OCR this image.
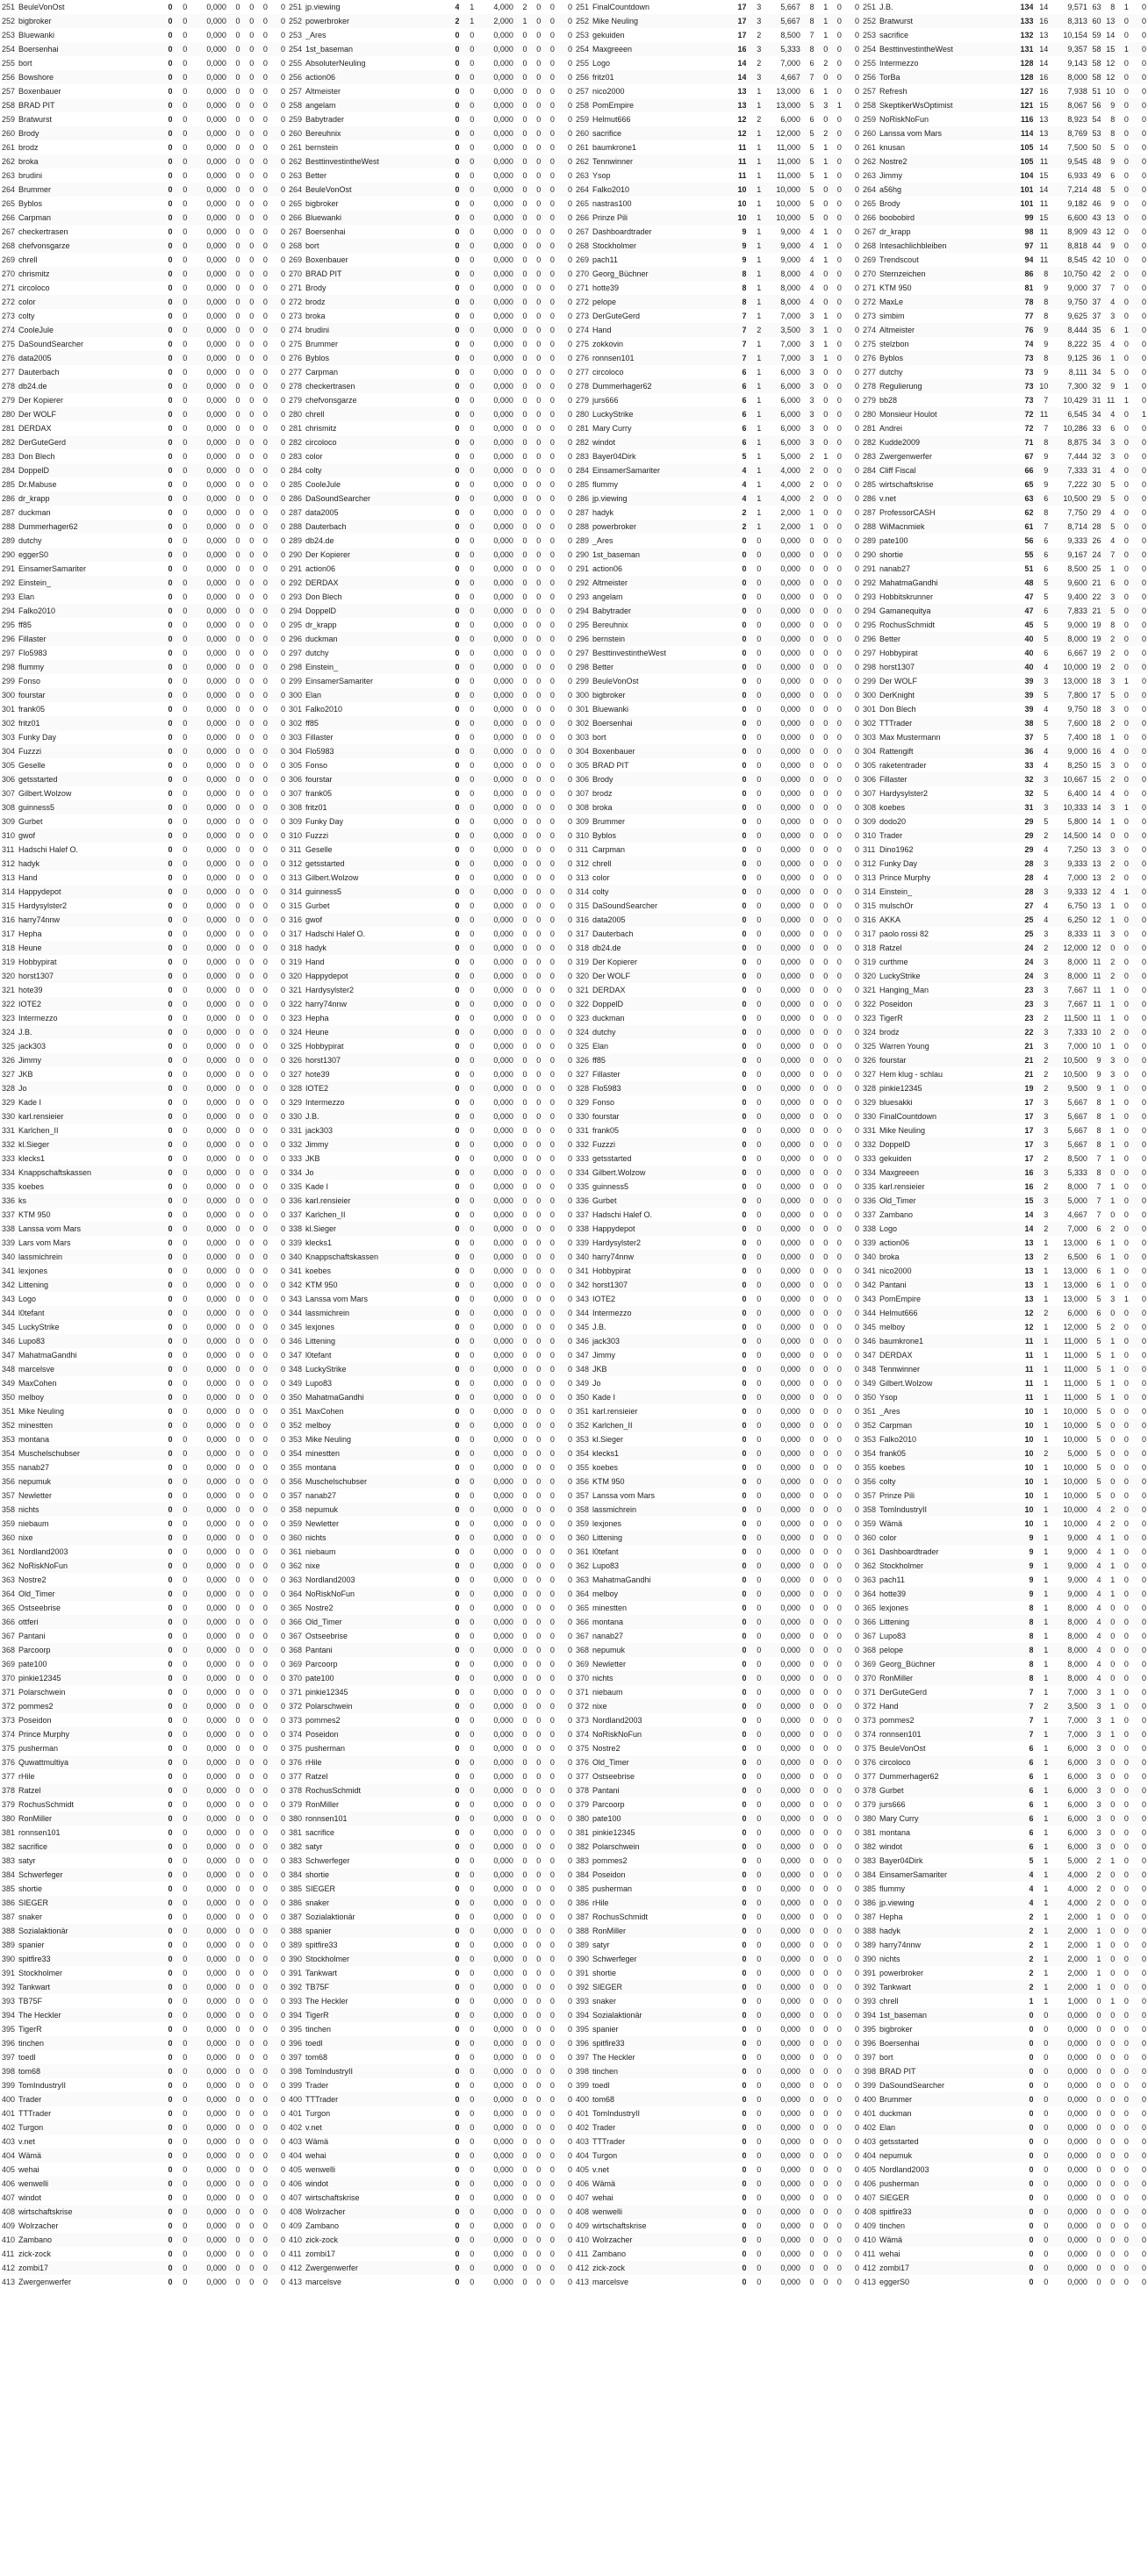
251	BeuleVonOst	0	0	0,000	0	0	0	0
252	bigbroker	0	0	0,000	0	0	0	0
253	Bluewanki	0	0	0,000	0	0	0	0
254	Boersenhai	0	0	0,000	0	0	0	0
255	bort	0	0	0,000	0	0	0	0
256	Bowshore	0	0	0,000	0	0	0	0
257	Boxenbauer	0	0	0,000	0	0	0	0
258	BRAD PIT	0	0	0,000	0	0	0	0
259	Bratwurst	0	0	0,000	0	0	0	0
260	Brody	0	0	0,000	0	0	0	0
261	brodz	0	0	0,000	0	0	0	0
262	broka	0	0	0,000	0	0	0	0
263	brudini	0	0	0,000	0	0	0	0
264	Brummer	0	0	0,000	0	0	0	0
265	Byblos	0	0	0,000	0	0	0	0
266	Carpman	0	0	0,000	0	0	0	0
267	checkertrasen	0	0	0,000	0	0	0	0
268	chefvonsgarze	0	0	0,000	0	0	0	0
269	chrell	0	0	0,000	0	0	0	0
270	chrismitz	0	0	0,000	0	0	0	0
271	circoloco	0	0	0,000	0	0	0	0
272	color	0	0	0,000	0	0	0	0
273	colty	0	0	0,000	0	0	0	0
274	CooleJule	0	0	0,000	0	0	0	0
275	DaSoundSearcher	0	0	0,000	0	0	0	0
276	data2005	0	0	0,000	0	0	0	0
277	Dauterbach	0	0	0,000	0	0	0	0
278	db24.de	0	0	0,000	0	0	0	0
279	Der Kopierer	0	0	0,000	0	0	0	0
280	Der WOLF	0	0	0,000	0	0	0	0
281	DERDAX	0	0	0,000	0	0	0	0
282	DerGuteGerd	0	0	0,000	0	0	0	0
283	Don Blech	0	0	0,000	0	0	0	0
284	DoppelD	0	0	0,000	0	0	0	0
285	Dr.Mabuse	0	0	0,000	0	0	0	0
286	dr_krapp	0	0	0,000	0	0	0	0
287	duckman	0	0	0,000	0	0	0	0
288	Dummerhager62	0	0	0,000	0	0	0	0
289	dutchy	0	0	0,000	0	0	0	0
290	eggerS0	0	0	0,000	0	0	0	0
291	EinsamerSamariter	0	0	0,000	0	0	0	0
292	Einstein_	0	0	0,000	0	0	0	0
293	Elan	0	0	0,000	0	0	0	0
294	Falko2010	0	0	0,000	0	0	0	0
295	ff85	0	0	0,000	0	0	0	0
296	Fillaster	0	0	0,000	0	0	0	0
297	Flo5983	0	0	0,000	0	0	0	0
298	flummy	0	0	0,000	0	0	0	0
299	Fonso	0	0	0,000	0	0	0	0
300	fourstar	0	0	0,000	0	0	0	0
301	frank05	0	0	0,000	0	0	0	0
302	fritz01	0	0	0,000	0	0	0	0
303	Funky Day	0	0	0,000	0	0	0	0
304	Fuzzzi	0	0	0,000	0	0	0	0
305	Geselle	0	0	0,000	0	0	0	0
306	getsstarted	0	0	0,000	0	0	0	0
307	Gilbert.Wolzow	0	0	0,000	0	0	0	0
308	guinness5	0	0	0,000	0	0	0	0
309	Gurbet	0	0	0,000	0	0	0	0
310	gwof	0	0	0,000	0	0	0	0
311	Hadschi Halef O.	0	0	0,000	0	0	0	0
312	hadyk	0	0	0,000	0	0	0	0
313	Hand	0	0	0,000	0	0	0	0
314	Happydepot	0	0	0,000	0	0	0	0
315	Hardysylster2	0	0	0,000	0	0	0	0
316	harry74nnw	0	0	0,000	0	0	0	0
317	Hepha	0	0	0,000	0	0	0	0
318	Heune	0	0	0,000	0	0	0	0
319	Hobbypirat	0	0	0,000	0	0	0	0
320	horst1307	0	0	0,000	0	0	0	0
321	hote39	0	0	0,000	0	0	0	0
322	IOTE2	0	0	0,000	0	0	0	0
323	Intermezzo	0	0	0,000	0	0	0	0
324	J.B.	0	0	0,000	0	0	0	0
325	jack303	0	0	0,000	0	0	0	0
326	Jimmy	0	0	0,000	0	0	0	0
327	JKB	0	0	0,000	0	0	0	0
328	Jo	0	0	0,000	0	0	0	0
329	Kade I	0	0	0,000	0	0	0	0
330	karl.rensieier	0	0	0,000	0	0	0	0
331	Karlchen_II	0	0	0,000	0	0	0	0
332	kl.Sieger	0	0	0,000	0	0	0	0
333	klecks1	0	0	0,000	0	0	0	0
334	Knappschaftskassen	0	0	0,000	0	0	0	0
335	koebes	0	0	0,000	0	0	0	0
336	ks	0	0	0,000	0	0	0	0
337	KTM 950	0	0	0,000	0	0	0	0
338	Lanssa vom Mars	0	0	0,000	0	0	0	0
339	Lars vom Mars	0	0	0,000	0	0	0	0
340	lassmichrein	0	0	0,000	0	0	0	0
341	lexjones	0	0	0,000	0	0	0	0
342	Littening	0	0	0,000	0	0	0	0
343	Logo	0	0	0,000	0	0	0	0
344	l0tefant	0	0	0,000	0	0	0	0
345	LuckyStrike	0	0	0,000	0	0	0	0
346	Lupo83	0	0	0,000	0	0	0	0
347	MahatmaGandhi	0	0	0,000	0	0	0	0
348	marcelsve	0	0	0,000	0	0	0	0
349	MaxCohen	0	0	0,000	0	0	0	0
350	melboy	0	0	0,000	0	0	0	0
351	Mike Neuling	0	0	0,000	0	0	0	0
352	minestten	0	0	0,000	0	0	0	0
353	montana	0	0	0,000	0	0	0	0
354	Muschelschubser	0	0	0,000	0	0	0	0
355	nanab27	0	0	0,000	0	0	0	0
356	nepumuk	0	0	0,000	0	0	0	0
357	Newletter	0	0	0,000	0	0	0	0
358	nichts	0	0	0,000	0	0	0	0
359	niebaum	0	0	0,000	0	0	0	0
360	nixe	0	0	0,000	0	0	0	0
361	Nordland2003	0	0	0,000	0	0	0	0
362	NoRiskNoFun	0	0	0,000	0	0	0	0
363	Nostre2	0	0	0,000	0	0	0	0
364	Old_Timer	0	0	0,000	0	0	0	0
365	Ostseebrise	0	0	0,000	0	0	0	0
366	ottferi	0	0	0,000	0	0	0	0
367	Pantani	0	0	0,000	0	0	0	0
368	Parcoorp	0	0	0,000	0	0	0	0
369	pate100	0	0	0,000	0	0	0	0
370	pinkie12345	0	0	0,000	0	0	0	0
371	Polarschwein	0	0	0,000	0	0	0	0
372	pommes2	0	0	0,000	0	0	0	0
373	Poseidon	0	0	0,000	0	0	0	0
374	Prince Murphy	0	0	0,000	0	0	0	0
375	pusherman	0	0	0,000	0	0	0	0
376	Quwattmultiya	0	0	0,000	0	0	0	0
377	rHile	0	0	0,000	0	0	0	0
378	Ratzel	0	0	0,000	0	0	0	0
379	RochusSchmidt	0	0	0,000	0	0	0	0
380	RonMiller	0	0	0,000	0	0	0	0
381	ronnsen101	0	0	0,000	0	0	0	0
382	sacrifice	0	0	0,000	0	0	0	0
383	satyr	0	0	0,000	0	0	0	0
384	Schwerfeger	0	0	0,000	0	0	0	0
385	shortie	0	0	0,000	0	0	0	0
386	SIEGER	0	0	0,000	0	0	0	0
387	snaker	0	0	0,000	0	0	0	0
388	Sozialaktionär	0	0	0,000	0	0	0	0
389	spanier	0	0	0,000	0	0	0	0
390	spitfire33	0	0	0,000	0	0	0	0
391	Stockholmer	0	0	0,000	0	0	0	0
392	Tankwart	0	0	0,000	0	0	0	0
393	TB75F	0	0	0,000	0	0	0	0
394	The Heckler	0	0	0,000	0	0	0	0
395	TigerR	0	0	0,000	0	0	0	0
396	tinchen	0	0	0,000	0	0	0	0
397	toedl	0	0	0,000	0	0	0	0
398	tom68	0	0	0,000	0	0	0	0
399	TomIndustryII	0	0	0,000	0	0	0	0
400	Trader	0	0	0,000	0	0	0	0
401	TTTrader	0	0	0,000	0	0	0	0
402	Turgon	0	0	0,000	0	0	0	0
403	v.net	0	0	0,000	0	0	0	0
404	Wämä	0	0	0,000	0	0	0	0
405	wehai	0	0	0,000	0	0	0	0
406	wenwelli	0	0	0,000	0	0	0	0
407	windot	0	0	0,000	0	0	0	0
408	wirtschaftskrise	0	0	0,000	0	0	0	0
409	Wolrzacher	0	0	0,000	0	0	0	0
410	Zambano	0	0	0,000	0	0	0	0
411	zick-zock	0	0	0,000	0	0	0	0
412	zombi17	0	0	0,000	0	0	0	0
413	Zwergenwerfer	0	0	0,000	0	0	0	0
251	jp.viewing	4	1	4,000	2	0	0	0
252	powerbroker	2	1	2,000	1	0	0	0
253	_Ares	0	0	0,000	0	0	0	0
254	1st_baseman	0	0	0,000	0	0	0	0
255	AbsoluterNeuling	0	0	0,000	0	0	0	0
256	action06	0	0	0,000	0	0	0	0
257	Altmeister	0	0	0,000	0	0	0	0
258	angelam	0	0	0,000	0	0	0	0
259	Babytrader	0	0	0,000	0	0	0	0
260	Bereuhnix	0	0	0,000	0	0	0	0
261	bernstein	0	0	0,000	0	0	0	0
262	BesttinvestintheWest	0	0	0,000	0	0	0	0
263	Better	0	0	0,000	0	0	0	0
264	BeuleVonOst	0	0	0,000	0	0	0	0
265	bigbroker	0	0	0,000	0	0	0	0
266	Bluewanki	0	0	0,000	0	0	0	0
267	Boersenhai	0	0	0,000	0	0	0	0
268	bort	0	0	0,000	0	0	0	0
269	Boxenbauer	0	0	0,000	0	0	0	0
270	BRAD PIT	0	0	0,000	0	0	0	0
271	Brody	0	0	0,000	0	0	0	0
272	brodz	0	0	0,000	0	0	0	0
273	broka	0	0	0,000	0	0	0	0
274	brudini	0	0	0,000	0	0	0	0
275	Brummer	0	0	0,000	0	0	0	0
276	Byblos	0	0	0,000	0	0	0	0
277	Carpman	0	0	0,000	0	0	0	0
278	checkertrasen	0	0	0,000	0	0	0	0
279	chefvonsgarze	0	0	0,000	0	0	0	0
280	chrell	0	0	0,000	0	0	0	0
281	chrismitz	0	0	0,000	0	0	0	0
282	circoloco	0	0	0,000	0	0	0	0
283	color	0	0	0,000	0	0	0	0
284	colty	0	0	0,000	0	0	0	0
285	CooleJule	0	0	0,000	0	0	0	0
286	DaSoundSearcher	0	0	0,000	0	0	0	0
287	data2005	0	0	0,000	0	0	0	0
288	Dauterbach	0	0	0,000	0	0	0	0
289	db24.de	0	0	0,000	0	0	0	0
290	Der Kopierer	0	0	0,000	0	0	0	0
291	action06	0	0	0,000	0	0	0	0
292	DERDAX	0	0	0,000	0	0	0	0
293	Don Blech	0	0	0,000	0	0	0	0
294	DoppelD	0	0	0,000	0	0	0	0
295	dr_krapp	0	0	0,000	0	0	0	0
296	duckman	0	0	0,000	0	0	0	0
297	dutchy	0	0	0,000	0	0	0	0
298	Einstein_	0	0	0,000	0	0	0	0
299	EinsamerSamariter	0	0	0,000	0	0	0	0
300	Elan	0	0	0,000	0	0	0	0
301	Falko2010	0	0	0,000	0	0	0	0
302	ff85	0	0	0,000	0	0	0	0
303	Fillaster	0	0	0,000	0	0	0	0
304	Flo5983	0	0	0,000	0	0	0	0
305	Fonso	0	0	0,000	0	0	0	0
306	fourstar	0	0	0,000	0	0	0	0
307	frank05	0	0	0,000	0	0	0	0
308	fritz01	0	0	0,000	0	0	0	0
309	Funky Day	0	0	0,000	0	0	0	0
310	Fuzzzi	0	0	0,000	0	0	0	0
311	Geselle	0	0	0,000	0	0	0	0
312	getsstarted	0	0	0,000	0	0	0	0
313	Gilbert.Wolzow	0	0	0,000	0	0	0	0
314	guinness5	0	0	0,000	0	0	0	0
315	Gurbet	0	0	0,000	0	0	0	0
316	gwof	0	0	0,000	0	0	0	0
317	Hadschi Halef O.	0	0	0,000	0	0	0	0
318	hadyk	0	0	0,000	0	0	0	0
319	Hand	0	0	0,000	0	0	0	0
320	Happydepot	0	0	0,000	0	0	0	0
321	Hardysylster2	0	0	0,000	0	0	0	0
322	harry74nnw	0	0	0,000	0	0	0	0
323	Hepha	0	0	0,000	0	0	0	0
324	Heune	0	0	0,000	0	0	0	0
325	Hobbypirat	0	0	0,000	0	0	0	0
326	horst1307	0	0	0,000	0	0	0	0
327	hote39	0	0	0,000	0	0	0	0
328	IOTE2	0	0	0,000	0	0	0	0
329	Intermezzo	0	0	0,000	0	0	0	0
330	J.B.	0	0	0,000	0	0	0	0
331	jack303	0	0	0,000	0	0	0	0
332	Jimmy	0	0	0,000	0	0	0	0
333	JKB	0	0	0,000	0	0	0	0
334	Jo	0	0	0,000	0	0	0	0
335	Kade I	0	0	0,000	0	0	0	0
336	karl.rensieier	0	0	0,000	0	0	0	0
337	Karlchen_II	0	0	0,000	0	0	0	0
338	kl.Sieger	0	0	0,000	0	0	0	0
339	klecks1	0	0	0,000	0	0	0	0
340	Knappschaftskassen	0	0	0,000	0	0	0	0
341	koebes	0	0	0,000	0	0	0	0
342	KTM 950	0	0	0,000	0	0	0	0
343	Lanssa vom Mars	0	0	0,000	0	0	0	0
344	lassmichrein	0	0	0,000	0	0	0	0
345	lexjones	0	0	0,000	0	0	0	0
346	Littening	0	0	0,000	0	0	0	0
347	l0tefant	0	0	0,000	0	0	0	0
348	LuckyStrike	0	0	0,000	0	0	0	0
349	Lupo83	0	0	0,000	0	0	0	0
350	MahatmaGandhi	0	0	0,000	0	0	0	0
351	MaxCohen	0	0	0,000	0	0	0	0
352	melboy	0	0	0,000	0	0	0	0
353	Mike Neuling	0	0	0,000	0	0	0	0
354	minestten	0	0	0,000	0	0	0	0
355	montana	0	0	0,000	0	0	0	0
356	Muschelschubser	0	0	0,000	0	0	0	0
357	nanab27	0	0	0,000	0	0	0	0
358	nepumuk	0	0	0,000	0	0	0	0
359	Newletter	0	0	0,000	0	0	0	0
360	nichts	0	0	0,000	0	0	0	0
361	niebaum	0	0	0,000	0	0	0	0
362	nixe	0	0	0,000	0	0	0	0
363	Nordland2003	0	0	0,000	0	0	0	0
364	NoRiskNoFun	0	0	0,000	0	0	0	0
365	Nostre2	0	0	0,000	0	0	0	0
366	Old_Timer	0	0	0,000	0	0	0	0
367	Ostseebrise	0	0	0,000	0	0	0	0
368	Pantani	0	0	0,000	0	0	0	0
369	Parcoorp	0	0	0,000	0	0	0	0
370	pate100	0	0	0,000	0	0	0	0
371	pinkie12345	0	0	0,000	0	0	0	0
372	Polarschwein	0	0	0,000	0	0	0	0
373	pommes2	0	0	0,000	0	0	0	0
374	Poseidon	0	0	0,000	0	0	0	0
375	pusherman	0	0	0,000	0	0	0	0
376	rHile	0	0	0,000	0	0	0	0
377	Ratzel	0	0	0,000	0	0	0	0
378	RochusSchmidt	0	0	0,000	0	0	0	0
379	RonMiller	0	0	0,000	0	0	0	0
380	ronnsen101	0	0	0,000	0	0	0	0
381	sacrifice	0	0	0,000	0	0	0	0
382	satyr	0	0	0,000	0	0	0	0
383	Schwerfeger	0	0	0,000	0	0	0	0
384	shortie	0	0	0,000	0	0	0	0
385	SIEGER	0	0	0,000	0	0	0	0
386	snaker	0	0	0,000	0	0	0	0
387	Sozialaktionär	0	0	0,000	0	0	0	0
388	spanier	0	0	0,000	0	0	0	0
389	spitfire33	0	0	0,000	0	0	0	0
390	Stockholmer	0	0	0,000	0	0	0	0
391	Tankwart	0	0	0,000	0	0	0	0
392	TB75F	0	0	0,000	0	0	0	0
393	The Heckler	0	0	0,000	0	0	0	0
394	TigerR	0	0	0,000	0	0	0	0
395	tinchen	0	0	0,000	0	0	0	0
396	toedl	0	0	0,000	0	0	0	0
397	tom68	0	0	0,000	0	0	0	0
398	TomIndustryII	0	0	0,000	0	0	0	0
399	Trader	0	0	0,000	0	0	0	0
400	TTTrader	0	0	0,000	0	0	0	0
401	Turgon	0	0	0,000	0	0	0	0
402	v.net	0	0	0,000	0	0	0	0
403	Wämä	0	0	0,000	0	0	0	0
404	wehai	0	0	0,000	0	0	0	0
405	wenwelli	0	0	0,000	0	0	0	0
406	windot	0	0	0,000	0	0	0	0
407	wirtschaftskrise	0	0	0,000	0	0	0	0
408	Wolrzacher	0	0	0,000	0	0	0	0
409	Zambano	0	0	0,000	0	0	0	0
410	zick-zock	0	0	0,000	0	0	0	0
411	zombi17	0	0	0,000	0	0	0	0
412	Zwergenwerfer	0	0	0,000	0	0	0	0
413	marcelsve	0	0	0,000	0	0	0	0
251	FinalCountdown	17	3	5,667	8	1	0	0
252	Mike Neuling	17	3	5,667	8	1	0	0
253	gekuiden	17	2	8,500	7	1	0	0
254	Maxgreeen	16	3	5,333	8	0	0	0
255	Logo	14	2	7,000	6	2	0	0
256	fritz01	14	3	4,667	7	0	0	0
257	nico2000	13	1	13,000	6	1	0	0
258	PomEmpire	13	1	13,000	5	3	1	0
259	Helmut666	12	2	6,000	6	0	0	0
260	sacrifice	12	1	12,000	5	2	0	0
261	baumkrone1	11	1	11,000	5	1	0	0
262	Tennwinner	11	1	11,000	5	1	0	0
263	Ysop	11	1	11,000	5	1	0	0
264	Falko2010	10	1	10,000	5	0	0	0
265	nastras100	10	1	10,000	5	0	0	0
266	Prinze Pili	10	1	10,000	5	0	0	0
267	Dashboardtrader	9	1	9,000	4	1	0	0
268	Stockholmer	9	1	9,000	4	1	0	0
269	pach11	9	1	9,000	4	1	0	0
270	Georg_Büchner	8	1	8,000	4	0	0	0
271	hotte39	8	1	8,000	4	0	0	0
272	pelope	8	1	8,000	4	0	0	0
273	DerGuteGerd	7	1	7,000	3	1	0	0
274	Hand	7	2	3,500	3	1	0	0
275	zokkovin	7	1	7,000	3	1	0	0
276	ronnsen101	7	1	7,000	3	1	0	0
277	circoloco	6	1	6,000	3	0	0	0
278	Dummerhager62	6	1	6,000	3	0	0	0
279	jurs666	6	1	6,000	3	0	0	0
280	LuckyStrike	6	1	6,000	3	0	0	0
281	Mary Curry	6	1	6,000	3	0	0	0
282	windot	6	1	6,000	3	0	0	0
283	Bayer04Dirk	5	1	5,000	2	1	0	0
284	EinsamerSamariter	4	1	4,000	2	0	0	0
285	flummy	4	1	4,000	2	0	0	0
286	jp.viewing	4	1	4,000	2	0	0	0
287	hadyk	2	1	2,000	1	0	0	0
288	powerbroker	2	1	2,000	1	0	0	0
289	_Ares	0	0	0,000	0	0	0	0
290	1st_baseman	0	0	0,000	0	0	0	0
291	action06	0	0	0,000	0	0	0	0
292	Altmeister	0	0	0,000	0	0	0	0
293	angelam	0	0	0,000	0	0	0	0
294	Babytrader	0	0	0,000	0	0	0	0
295	Bereuhnix	0	0	0,000	0	0	0	0
296	bernstein	0	0	0,000	0	0	0	0
297	BesttinvestintheWest	0	0	0,000	0	0	0	0
298	Better	0	0	0,000	0	0	0	0
299	BeuleVonOst	0	0	0,000	0	0	0	0
300	bigbroker	0	0	0,000	0	0	0	0
301	Bluewanki	0	0	0,000	0	0	0	0
302	Boersenhai	0	0	0,000	0	0	0	0
303	bort	0	0	0,000	0	0	0	0
304	Boxenbauer	0	0	0,000	0	0	0	0
305	BRAD PIT	0	0	0,000	0	0	0	0
306	Brody	0	0	0,000	0	0	0	0
307	brodz	0	0	0,000	0	0	0	0
308	broka	0	0	0,000	0	0	0	0
309	Brummer	0	0	0,000	0	0	0	0
310	Byblos	0	0	0,000	0	0	0	0
311	Carpman	0	0	0,000	0	0	0	0
312	chrell	0	0	0,000	0	0	0	0
313	color	0	0	0,000	0	0	0	0
314	colty	0	0	0,000	0	0	0	0
315	DaSoundSearcher	0	0	0,000	0	0	0	0
316	data2005	0	0	0,000	0	0	0	0
317	Dauterbach	0	0	0,000	0	0	0	0
318	db24.de	0	0	0,000	0	0	0	0
319	Der Kopierer	0	0	0,000	0	0	0	0
320	Der WOLF	0	0	0,000	0	0	0	0
321	DERDAX	0	0	0,000	0	0	0	0
322	DoppelD	0	0	0,000	0	0	0	0
323	duckman	0	0	0,000	0	0	0	0
324	dutchy	0	0	0,000	0	0	0	0
325	Elan	0	0	0,000	0	0	0	0
326	ff85	0	0	0,000	0	0	0	0
327	Fillaster	0	0	0,000	0	0	0	0
328	Flo5983	0	0	0,000	0	0	0	0
329	Fonso	0	0	0,000	0	0	0	0
330	fourstar	0	0	0,000	0	0	0	0
331	frank05	0	0	0,000	0	0	0	0
332	Fuzzzi	0	0	0,000	0	0	0	0
333	getsstarted	0	0	0,000	0	0	0	0
334	Gilbert.Wolzow	0	0	0,000	0	0	0	0
335	guinness5	0	0	0,000	0	0	0	0
336	Gurbet	0	0	0,000	0	0	0	0
337	Hadschi Halef O.	0	0	0,000	0	0	0	0
338	Happydepot	0	0	0,000	0	0	0	0
339	Hardysylster2	0	0	0,000	0	0	0	0
340	harry74nnw	0	0	0,000	0	0	0	0
341	Hobbypirat	0	0	0,000	0	0	0	0
342	horst1307	0	0	0,000	0	0	0	0
343	IOTE2	0	0	0,000	0	0	0	0
344	Intermezzo	0	0	0,000	0	0	0	0
345	J.B.	0	0	0,000	0	0	0	0
346	jack303	0	0	0,000	0	0	0	0
347	Jimmy	0	0	0,000	0	0	0	0
348	JKB	0	0	0,000	0	0	0	0
349	Jo	0	0	0,000	0	0	0	0
350	Kade I	0	0	0,000	0	0	0	0
351	karl.rensieier	0	0	0,000	0	0	0	0
352	Karlchen_II	0	0	0,000	0	0	0	0
353	kl.Sieger	0	0	0,000	0	0	0	0
354	klecks1	0	0	0,000	0	0	0	0
355	koebes	0	0	0,000	0	0	0	0
356	KTM 950	0	0	0,000	0	0	0	0
357	Lanssa vom Mars	0	0	0,000	0	0	0	0
358	lassmichrein	0	0	0,000	0	0	0	0
359	lexjones	0	0	0,000	0	0	0	0
360	Littening	0	0	0,000	0	0	0	0
361	l0tefant	0	0	0,000	0	0	0	0
362	Lupo83	0	0	0,000	0	0	0	0
363	MahatmaGandhi	0	0	0,000	0	0	0	0
364	melboy	0	0	0,000	0	0	0	0
365	minestten	0	0	0,000	0	0	0	0
366	montana	0	0	0,000	0	0	0	0
367	nanab27	0	0	0,000	0	0	0	0
368	nepumuk	0	0	0,000	0	0	0	0
369	Newletter	0	0	0,000	0	0	0	0
370	nichts	0	0	0,000	0	0	0	0
371	niebaum	0	0	0,000	0	0	0	0
372	nixe	0	0	0,000	0	0	0	0
373	Nordland2003	0	0	0,000	0	0	0	0
374	NoRiskNoFun	0	0	0,000	0	0	0	0
375	Nostre2	0	0	0,000	0	0	0	0
376	Old_Timer	0	0	0,000	0	0	0	0
377	Ostseebrise	0	0	0,000	0	0	0	0
378	Pantani	0	0	0,000	0	0	0	0
379	Parcoorp	0	0	0,000	0	0	0	0
380	pate100	0	0	0,000	0	0	0	0
381	pinkie12345	0	0	0,000	0	0	0	0
382	Polarschwein	0	0	0,000	0	0	0	0
383	pommes2	0	0	0,000	0	0	0	0
384	Poseidon	0	0	0,000	0	0	0	0
385	pusherman	0	0	0,000	0	0	0	0
386	rHile	0	0	0,000	0	0	0	0
387	RochusSchmidt	0	0	0,000	0	0	0	0
388	RonMiller	0	0	0,000	0	0	0	0
389	satyr	0	0	0,000	0	0	0	0
390	Schwerfeger	0	0	0,000	0	0	0	0
391	shortie	0	0	0,000	0	0	0	0
392	SIEGER	0	0	0,000	0	0	0	0
393	snaker	0	0	0,000	0	0	0	0
394	Sozialaktionär	0	0	0,000	0	0	0	0
395	spanier	0	0	0,000	0	0	0	0
396	spitfire33	0	0	0,000	0	0	0	0
397	The Heckler	0	0	0,000	0	0	0	0
398	tinchen	0	0	0,000	0	0	0	0
399	toedl	0	0	0,000	0	0	0	0
400	tom68	0	0	0,000	0	0	0	0
401	TomIndustryII	0	0	0,000	0	0	0	0
402	Trader	0	0	0,000	0	0	0	0
403	TTTrader	0	0	0,000	0	0	0	0
404	Turgon	0	0	0,000	0	0	0	0
405	v.net	0	0	0,000	0	0	0	0
406	Wämä	0	0	0,000	0	0	0	0
407	wehai	0	0	0,000	0	0	0	0
408	wenwelli	0	0	0,000	0	0	0	0
409	wirtschaftskrise	0	0	0,000	0	0	0	0
410	Wolrzacher	0	0	0,000	0	0	0	0
411	Zambano	0	0	0,000	0	0	0	0
412	zick-zock	0	0	0,000	0	0	0	0
413	marcelsve	0	0	0,000	0	0	0	0
251	J.B.	134	14	9,571	63	8	1	0
252	Bratwurst	133	16	8,313	60	13	0	0
253	sacrifice	132	13	10,154	59	14	0	0
254	BesttinvestintheWest	131	14	9,357	58	15	1	0
255	Intermezzo	128	14	9,143	58	12	0	0
256	TorBa	128	16	8,000	58	12	0	0
257	Refresh	127	16	7,938	51	10	0	0
258	SkeptikerWsOptimist	121	15	8,067	56	9	0	0
259	NoRiskNoFun	116	13	8,923	54	8	0	0
260	Lanssa vom Mars	114	13	8,769	53	8	0	0
261	knusan	105	14	7,500	50	5	0	0
262	Nostre2	105	11	9,545	48	9	0	0
263	Jimmy	104	15	6,933	49	6	0	0
264	a56hg	101	14	7,214	48	5	0	0
265	Brody	101	11	9,182	46	9	0	0
266	boobobird	99	15	6,600	43	13	0	0
267	dr_krapp	98	11	8,909	43	12	0	0
268	Intesachlichbleiben	97	11	8,818	44	9	0	0
269	Trendscout	94	11	8,545	42	10	0	0
270	Sternzeichen	86	8	10,750	42	2	0	0
271	KTM 950	81	9	9,000	37	7	0	0
272	MaxLe	78	8	9,750	37	4	0	0
273	simbim	77	8	9,625	37	3	0	0
274	Altmeister	76	9	8,444	35	6	1	0
275	stelzbon	74	9	8,222	35	4	0	0
276	Byblos	73	8	9,125	36	1	0	0
277	dutchy	73	9	8,111	34	5	0	0
278	Regulierung	73	10	7,300	32	9	1	0
279	bb28	73	7	10,429	31	11	1	0
280	Monsieur Houlot	72	11	6,545	34	4	0	1
281	Andrei	72	7	10,286	33	6	0	0
282	Kudde2009	71	8	8,875	34	3	0	0
283	Zwergenwerfer	67	9	7,444	32	3	0	0
284	Cliff Fiscal	66	9	7,333	31	4	0	0
285	wirtschaftskrise	65	9	7,222	30	5	0	0
286	v.net	63	6	10,500	29	5	0	0
287	ProfessorCASH	62	8	7,750	29	4	0	0
288	WiMacnmiek	61	7	8,714	28	5	0	0
289	pate100	56	6	9,333	26	4	0	0
290	shortie	55	6	9,167	24	7	0	0
291	nanab27	51	6	8,500	25	1	0	0
292	MahatmaGandhi	48	5	9,600	21	6	0	0
293	Hobbitskrunner	47	5	9,400	22	3	0	0
294	Gamanequitya	47	6	7,833	21	5	0	0
295	RochusSchmidt	45	5	9,000	19	8	0	0
296	Better	40	5	8,000	19	2	0	0
297	Hobbypirat	40	6	6,667	19	2	0	0
298	horst1307	40	4	10,000	19	2	0	0
299	Der WOLF	39	3	13,000	18	3	1	0
300	DerKnight	39	5	7,800	17	5	0	0
301	Don Blech	39	4	9,750	18	3	0	0
302	TTTrader	38	5	7,600	18	2	0	0
303	Max Mustermann	37	5	7,400	18	1	0	0
304	Rattengift	36	4	9,000	16	4	0	0
305	raketentrader	33	4	8,250	15	3	0	0
306	Fillaster	32	3	10,667	15	2	0	0
307	Hardysylster2	32	5	6,400	14	4	0	0
308	koebes	31	3	10,333	14	3	1	0
309	dodo20	29	5	5,800	14	1	0	0
310	Trader	29	2	14,500	14	0	0	0
311	Dino1962	29	4	7,250	13	3	0	0
312	Funky Day	28	3	9,333	13	2	0	0
313	Prince Murphy	28	4	7,000	13	2	0	0
314	Einstein_	28	3	9,333	12	4	1	0
315	mulschOr	27	4	6,750	13	1	0	0
316	AKKA	25	4	6,250	12	1	0	0
317	paolo rossi 82	25	3	8,333	11	3	0	0
318	Ratzel	24	2	12,000	12	0	0	0
319	curthme	24	3	8,000	11	2	0	0
320	LuckyStrike	24	3	8,000	11	2	0	0
321	Hanging_Man	23	3	7,667	11	1	0	0
322	Poseidon	23	3	7,667	11	1	0	0
323	TigerR	23	2	11,500	11	1	0	0
324	brodz	22	3	7,333	10	2	0	0
325	Warren Young	21	3	7,000	10	1	0	0
326	fourstar	21	2	10,500	9	3	0	0
327	Hem klug - schlau	21	2	10,500	9	3	0	0
328	pinkie12345	19	2	9,500	9	1	0	0
329	bluesakki	17	3	5,667	8	1	0	0
330	FinalCountdown	17	3	5,667	8	1	0	0
331	Mike Neuling	17	3	5,667	8	1	0	0
332	DoppelD	17	3	5,667	8	1	0	0
333	gekuiden	17	2	8,500	7	1	0	0
334	Maxgreeen	16	3	5,333	8	0	0	0
335	karl.rensieier	16	2	8,000	7	1	0	0
336	Old_Timer	15	3	5,000	7	1	0	0
337	Zambano	14	3	4,667	7	0	0	0
338	Logo	14	2	7,000	6	2	0	0
339	action06	13	1	13,000	6	1	0	0
340	broka	13	2	6,500	6	1	0	0
341	nico2000	13	1	13,000	6	1	0	0
342	Pantani	13	1	13,000	6	1	0	0
343	PomEmpire	13	1	13,000	5	3	1	0
344	Helmut666	12	2	6,000	6	0	0	0
345	melboy	12	1	12,000	5	2	0	0
346	baumkrone1	11	1	11,000	5	1	0	0
347	DERDAX	11	1	11,000	5	1	0	0
348	Tennwinner	11	1	11,000	5	1	0	0
349	Gilbert.Wolzow	11	1	11,000	5	1	0	0
350	Ysop	11	1	11,000	5	1	0	0
351	_Ares	10	1	10,000	5	0	0	0
352	Carpman	10	1	10,000	5	0	0	0
353	Falko2010	10	1	10,000	5	0	0	0
354	frank05	10	2	5,000	5	0	0	0
355	koebes	10	1	10,000	5	0	0	0
356	colty	10	1	10,000	5	0	0	0
357	Prinze Pili	10	1	10,000	5	0	0	0
358	TomIndustryII	10	1	10,000	4	2	0	0
359	Wämä	10	1	10,000	4	2	0	0
360	color	9	1	9,000	4	1	0	0
361	Dashboardtrader	9	1	9,000	4	1	0	0
362	Stockholmer	9	1	9,000	4	1	0	0
363	pach11	9	1	9,000	4	1	0	0
364	hotte39	9	1	9,000	4	1	0	0
365	lexjones	8	1	8,000	4	0	0	0
366	Littening	8	1	8,000	4	0	0	0
367	Lupo83	8	1	8,000	4	0	0	0
368	pelope	8	1	8,000	4	0	0	0
369	Georg_Büchner	8	1	8,000	4	0	0	0
370	RonMiller	8	1	8,000	4	0	0	0
371	DerGuteGerd	7	1	7,000	3	1	0	0
372	Hand	7	2	3,500	3	1	0	0
373	pommes2	7	1	7,000	3	1	0	0
374	ronnsen101	7	1	7,000	3	1	0	0
375	BeuleVonOst	6	1	6,000	3	0	0	0
376	circoloco	6	1	6,000	3	0	0	0
377	Dummerhager62	6	1	6,000	3	0	0	0
378	Gurbet	6	1	6,000	3	0	0	0
379	jurs666	6	1	6,000	3	0	0	0
380	Mary Curry	6	1	6,000	3	0	0	0
381	montana	6	1	6,000	3	0	0	0
382	windot	6	1	6,000	3	0	0	0
383	Bayer04Dirk	5	1	5,000	2	1	0	0
384	EinsamerSamariter	4	1	4,000	2	0	0	0
385	flummy	4	1	4,000	2	0	0	0
386	jp.viewing	4	1	4,000	2	0	0	0
387	Hepha	2	1	2,000	1	0	0	0
388	hadyk	2	1	2,000	1	0	0	0
389	harry74nnw	2	1	2,000	1	0	0	0
390	nichts	2	1	2,000	1	0	0	0
391	powerbroker	2	1	2,000	1	0	0	0
392	Tankwart	2	1	2,000	1	0	0	0
393	chrell	1	1	1,000	0	1	0	0
394	1st_baseman	0	0	0,000	0	0	0	0
395	bigbroker	0	0	0,000	0	0	0	0
396	Boersenhai	0	0	0,000	0	0	0	0
397	bort	0	0	0,000	0	0	0	0
398	BRAD PIT	0	0	0,000	0	0	0	0
399	DaSoundSearcher	0	0	0,000	0	0	0	0
400	Brummer	0	0	0,000	0	0	0	0
401	duckman	0	0	0,000	0	0	0	0
402	Elan	0	0	0,000	0	0	0	0
403	getsstarted	0	0	0,000	0	0	0	0
404	nepumuk	0	0	0,000	0	0	0	0
405	Nordland2003	0	0	0,000	0	0	0	0
406	pusherman	0	0	0,000	0	0	0	0
407	SIEGER	0	0	0,000	0	0	0	0
408	spitfire33	0	0	0,000	0	0	0	0
409	tinchen	0	0	0,000	0	0	0	0
410	Wämä	0	0	0,000	0	0	0	0
411	wehai	0	0	0,000	0	0	0	0
412	zombi17	0	0	0,000	0	0	0	0
413	eggerS0	0	0	0,000	0	0	0	0
